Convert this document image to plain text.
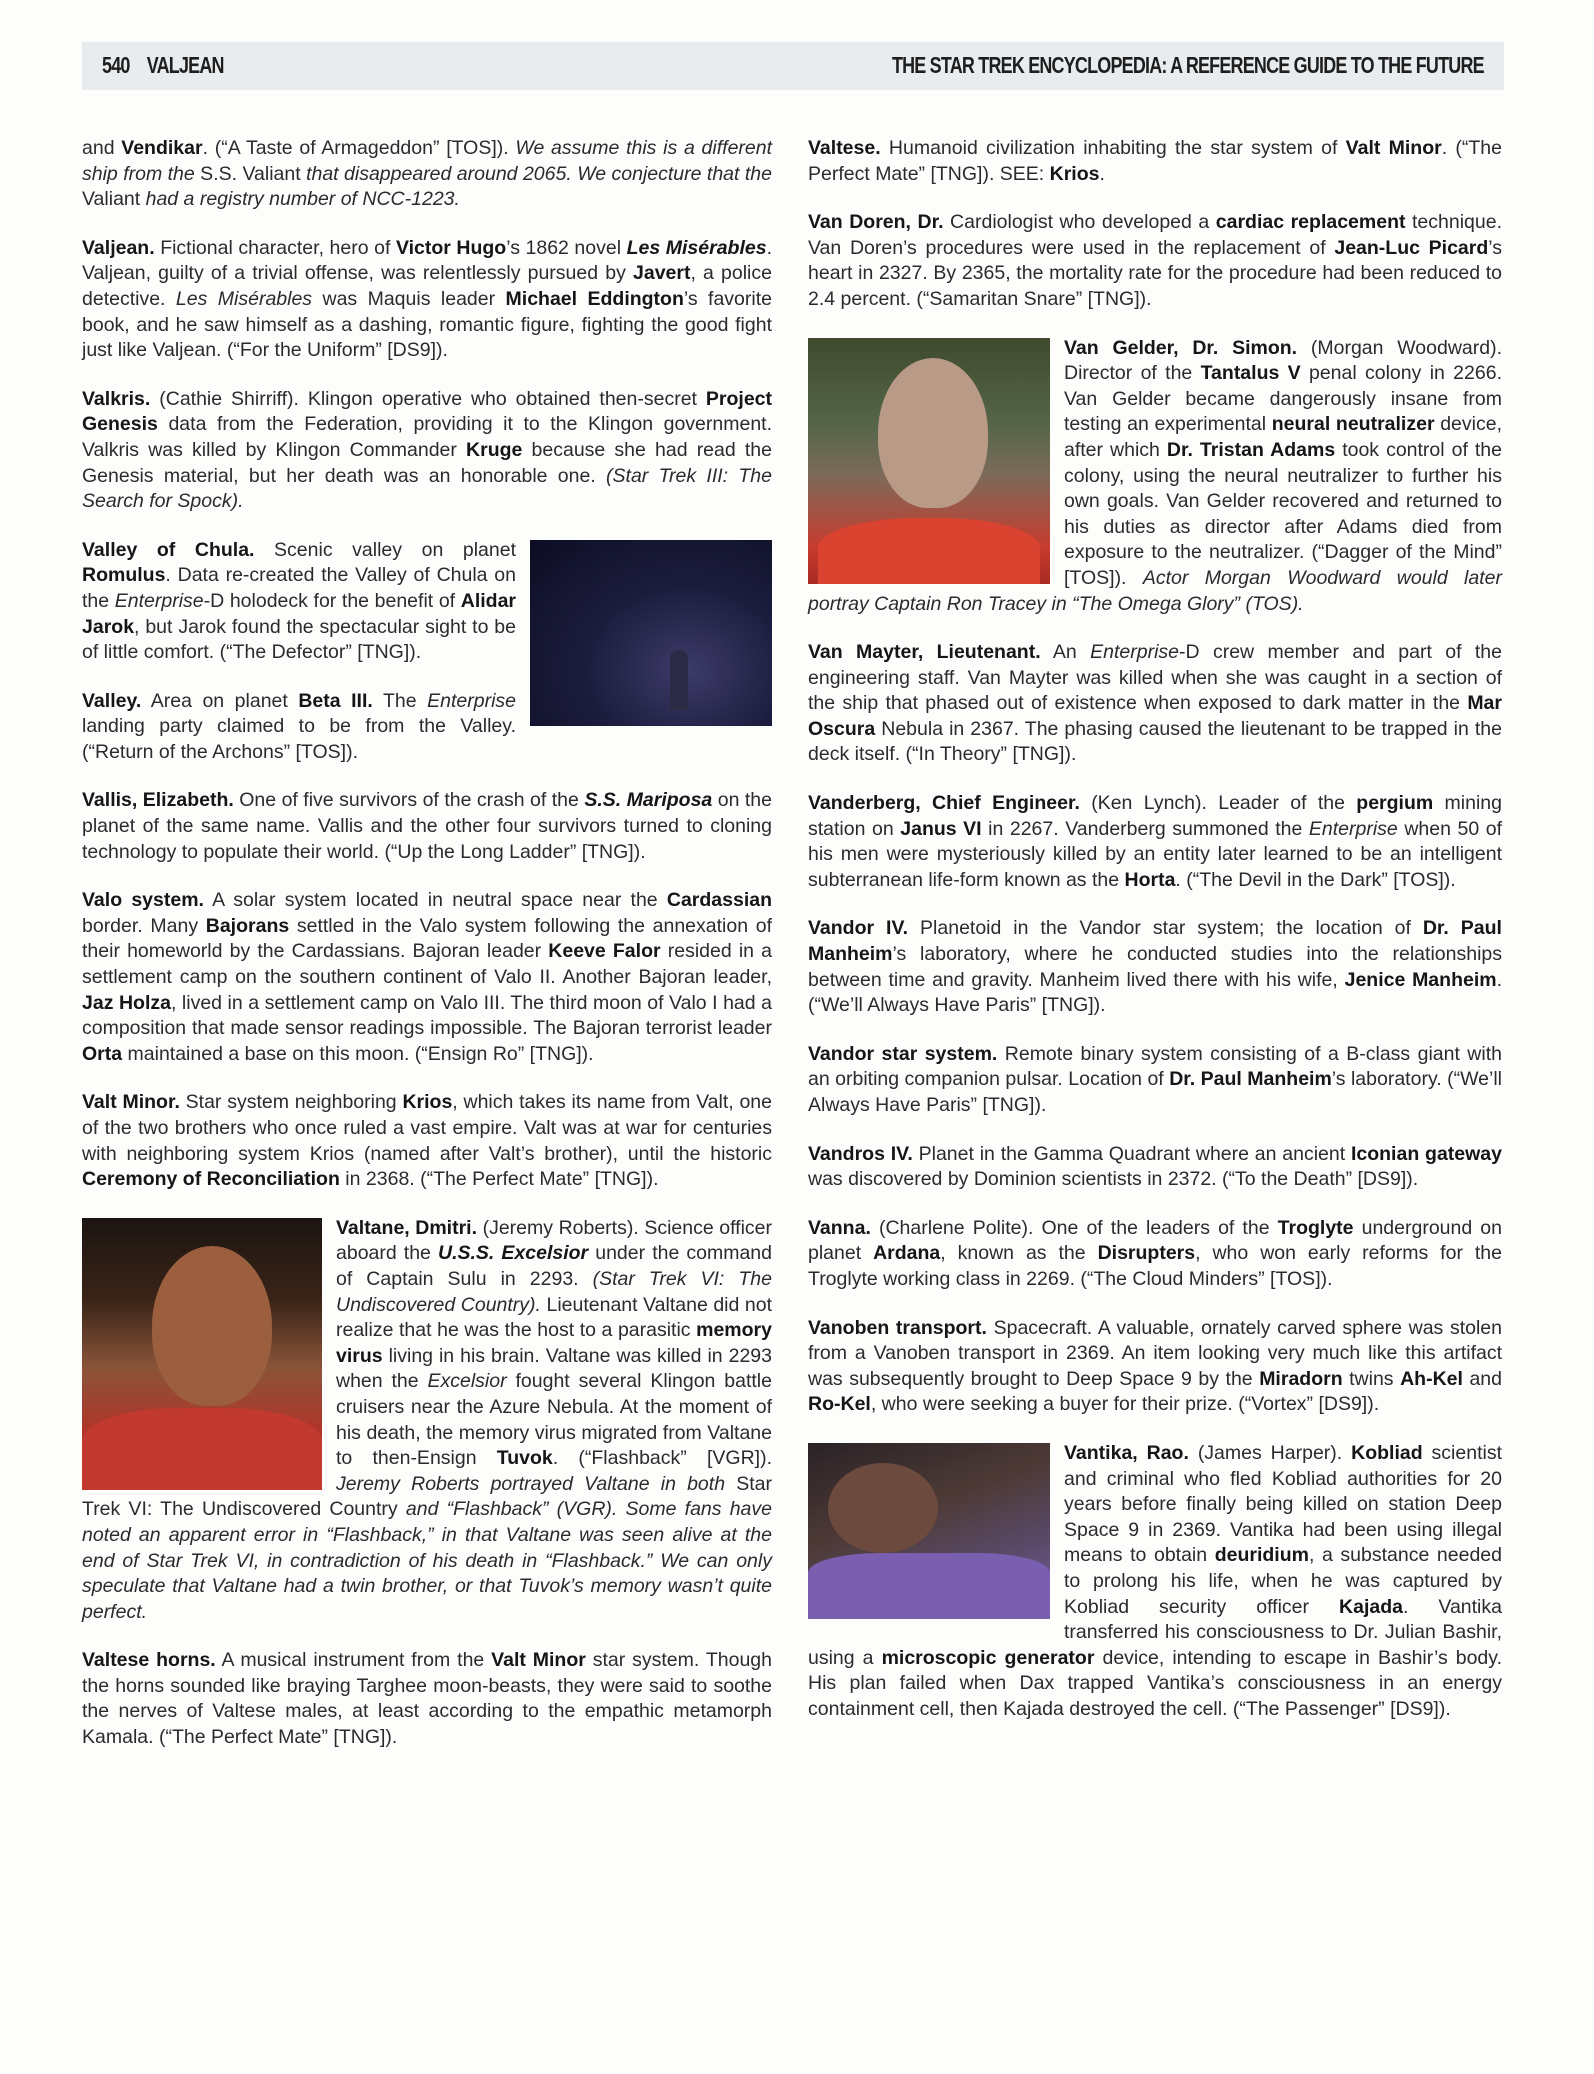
540 VALJEAN	THE STAR TREK ENCYCLOPEDIA: A REFERENCE GUIDE TO THE FUTURE

and Vendikar. (“A Taste of Armageddon” [TOS]). We assume this is a different ship from the S.S. Valiant that disappeared around 2065. We conjecture that the Valiant had a registry number of NCC-1223.

Valjean. Fictional character, hero of Victor Hugo’s 1862 novel Les Misérables. Valjean, guilty of a trivial offense, was relentlessly pursued by Javert, a police detective. Les Misérables was Maquis leader Michael Eddington’s favorite book, and he saw himself as a dashing, romantic figure, fighting the good fight just like Valjean. (“For the Uniform” [DS9]).

Valkris. (Cathie Shirriff). Klingon operative who obtained then-secret Project Genesis data from the Federation, providing it to the Klingon government. Valkris was killed by Klingon Commander Kruge because she had read the Genesis material, but her death was an honorable one. (Star Trek III: The Search for Spock).

Valley of Chula. Scenic valley on planet Romulus. Data re-created the Valley of Chula on the Enterprise-D holodeck for the benefit of Alidar Jarok, but Jarok found the spectacular sight to be of little comfort. (“The Defector” [TNG]).

Valley. Area on planet Beta III. The Enterprise landing party claimed to be from the Valley. (“Return of the Archons” [TOS]).

Vallis, Elizabeth. One of five survivors of the crash of the S.S. Mariposa on the planet of the same name. Vallis and the other four survivors turned to cloning technology to populate their world. (“Up the Long Ladder” [TNG]).

Valo system. A solar system located in neutral space near the Cardassian border. Many Bajorans settled in the Valo system following the annexation of their homeworld by the Cardassians. Bajoran leader Keeve Falor resided in a settlement camp on the southern continent of Valo II. Another Bajoran leader, Jaz Holza, lived in a settlement camp on Valo III. The third moon of Valo I had a composition that made sensor readings impossible. The Bajoran terrorist leader Orta maintained a base on this moon. (“Ensign Ro” [TNG]).

Valt Minor. Star system neighboring Krios, which takes its name from Valt, one of the two brothers who once ruled a vast empire. Valt was at war for centuries with neighboring system Krios (named after Valt’s brother), until the historic Ceremony of Reconciliation in 2368. (“The Perfect Mate” [TNG]).

Valtane, Dmitri. (Jeremy Roberts). Science officer aboard the U.S.S. Excelsior under the command of Captain Sulu in 2293. (Star Trek VI: The Undiscovered Country). Lieutenant Valtane did not realize that he was the host to a parasitic memory virus living in his brain. Valtane was killed in 2293 when the Excelsior fought several Klingon battle cruisers near the Azure Nebula. At the moment of his death, the memory virus migrated from Valtane to then-Ensign Tuvok. (“Flashback” [VGR]). Jeremy Roberts portrayed Valtane in both Star Trek VI: The Undiscovered Country and “Flashback” (VGR). Some fans have noted an apparent error in “Flashback,” in that Valtane was seen alive at the end of Star Trek VI, in contradiction of his death in “Flashback.” We can only speculate that Valtane had a twin brother, or that Tuvok’s memory wasn’t quite perfect.

Valtese horns. A musical instrument from the Valt Minor star system. Though the horns sounded like braying Targhee moon-beasts, they were said to soothe the nerves of Valtese males, at least according to the empathic metamorph Kamala. (“The Perfect Mate” [TNG]).

Valtese. Humanoid civilization inhabiting the star system of Valt Minor. (“The Perfect Mate” [TNG]). SEE: Krios.

Van Doren, Dr. Cardiologist who developed a cardiac replacement technique. Van Doren’s procedures were used in the replacement of Jean-Luc Picard’s heart in 2327. By 2365, the mortality rate for the procedure had been reduced to 2.4 percent. (“Samaritan Snare” [TNG]).

Van Gelder, Dr. Simon. (Morgan Woodward). Director of the Tantalus V penal colony in 2266. Van Gelder became dangerously insane from testing an experimental neural neutralizer device, after which Dr. Tristan Adams took control of the colony, using the neural neutralizer to further his own goals. Van Gelder recovered and returned to his duties as director after Adams died from exposure to the neutralizer. (“Dagger of the Mind” [TOS]). Actor Morgan Woodward would later portray Captain Ron Tracey in “The Omega Glory” (TOS).

Van Mayter, Lieutenant. An Enterprise-D crew member and part of the engineering staff. Van Mayter was killed when she was caught in a section of the ship that phased out of existence when exposed to dark matter in the Mar Oscura Nebula in 2367. The phasing caused the lieutenant to be trapped in the deck itself. (“In Theory” [TNG]).

Vanderberg, Chief Engineer. (Ken Lynch). Leader of the pergium mining station on Janus VI in 2267. Vanderberg summoned the Enterprise when 50 of his men were mysteriously killed by an entity later learned to be an intelligent subterranean life-form known as the Horta. (“The Devil in the Dark” [TOS]).

Vandor IV. Planetoid in the Vandor star system; the location of Dr. Paul Manheim’s laboratory, where he conducted studies into the relationships between time and gravity. Manheim lived there with his wife, Jenice Manheim. (“We’ll Always Have Paris” [TNG]).

Vandor star system. Remote binary system consisting of a B-class giant with an orbiting companion pulsar. Location of Dr. Paul Manheim’s laboratory. (“We’ll Always Have Paris” [TNG]).

Vandros IV. Planet in the Gamma Quadrant where an ancient Iconian gateway was discovered by Dominion scientists in 2372. (“To the Death” [DS9]).

Vanna. (Charlene Polite). One of the leaders of the Troglyte underground on planet Ardana, known as the Disrupters, who won early reforms for the Troglyte working class in 2269. (“The Cloud Minders” [TOS]).

Vanoben transport. Spacecraft. A valuable, ornately carved sphere was stolen from a Vanoben transport in 2369. An item looking very much like this artifact was subsequently brought to Deep Space 9 by the Miradorn twins Ah-Kel and Ro-Kel, who were seeking a buyer for their prize. (“Vortex” [DS9]).

Vantika, Rao. (James Harper). Kobliad scientist and criminal who fled Kobliad authorities for 20 years before finally being killed on station Deep Space 9 in 2369. Vantika had been using illegal means to obtain deuridium, a substance needed to prolong his life, when he was captured by Kobliad security officer Kajada. Vantika transferred his consciousness to Dr. Julian Bashir, using a microscopic generator device, intending to escape in Bashir’s body. His plan failed when Dax trapped Vantika’s consciousness in an energy containment cell, then Kajada destroyed the cell. (“The Passenger” [DS9]).
